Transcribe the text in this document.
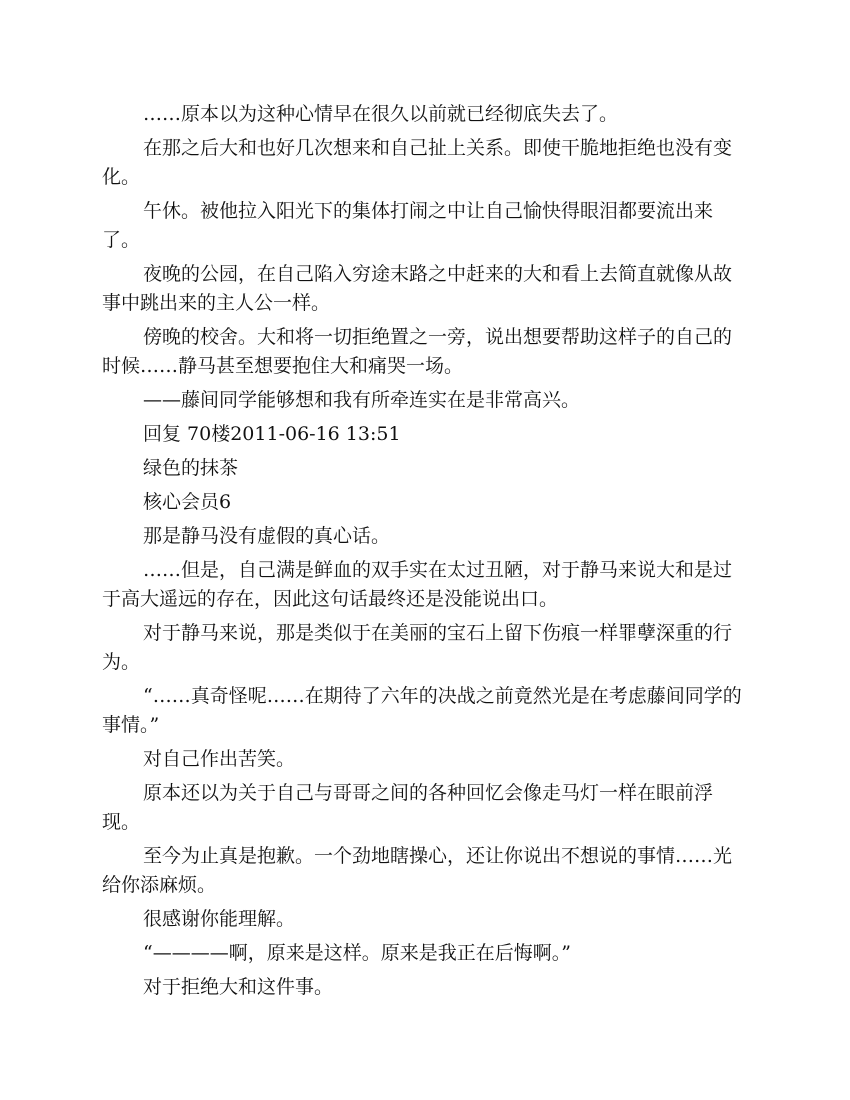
……原本以为这种心情早在很久以前就已经彻底失去了。

在那之后大和也好几次想来和自己扯上关系。即使干脆地拒绝也没有变化。

午休。被他拉入阳光下的集体打闹之中让自己愉快得眼泪都要流出来了。

夜晚的公园，在自己陷入穷途末路之中赶来的大和看上去简直就像从故事中跳出来的主人公一样。

傍晚的校舍。大和将一切拒绝置之一旁，说出想要帮助这样子的自己的时候……静马甚至想要抱住大和痛哭一场。

——藤间同学能够想和我有所牵连实在是非常高兴。

回复 70楼2011-06-16 13:51

绿色的抹茶

核心会员6

那是静马没有虚假的真心话。

……但是，自己满是鲜血的双手实在太过丑陋，对于静马来说大和是过于高大遥远的存在，因此这句话最终还是没能说出口。

对于静马来说，那是类似于在美丽的宝石上留下伤痕一样罪孽深重的行为。

“……真奇怪呢……在期待了六年的决战之前竟然光是在考虑藤间同学的事情。”

对自己作出苦笑。

原本还以为关于自己与哥哥之间的各种回忆会像走马灯一样在眼前浮现。

至今为止真是抱歉。一个劲地瞎操心，还让你说出不想说的事情……光给你添麻烦。

很感谢你能理解。

“————啊，原来是这样。原来是我正在后悔啊。”

对于拒绝大和这件事。
